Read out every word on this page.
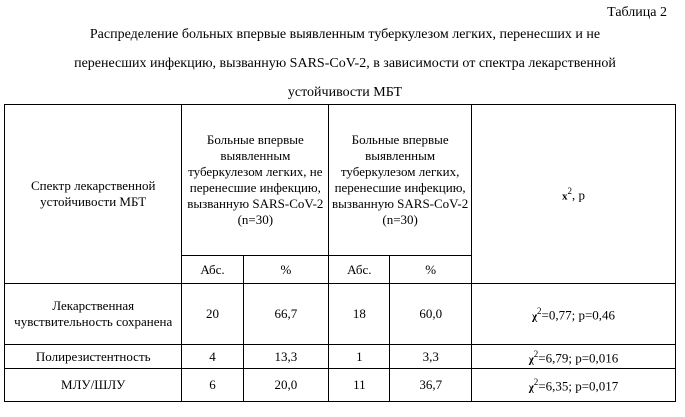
Таблица 2
Распределение больных впервые выявленным туберкулезом легких, перенесших и не
перенесших инфекцию, вызванную SARS-CoV-2, в зависимости от спектра лекарственной
устойчивости МБТ
Спектр лекарственной устойчивости МБТ	Больные впервые выявленным туберкулезом легких, не перенесшие инфекцию, вызванную SARS-CoV-2 (n=30)		Больные впервые выявленным туберкулезом легких, перенесшие инфекцию, вызванную SARS-CoV-2 (n=30)		$x^2$, p
	Абс.	%	Абс.	%	
Лекарственная чувствительность сохранена	20	66,7	18	60,0	$\chi^2=0,77$; p=0,46
Полирезистентность	4	13,3	1	3,3	$\chi^2=6,79$; p=0,016
МЛУ/ШЛУ	6	20,0	11	36,7	$\chi^2=6,35$; p=0,017
